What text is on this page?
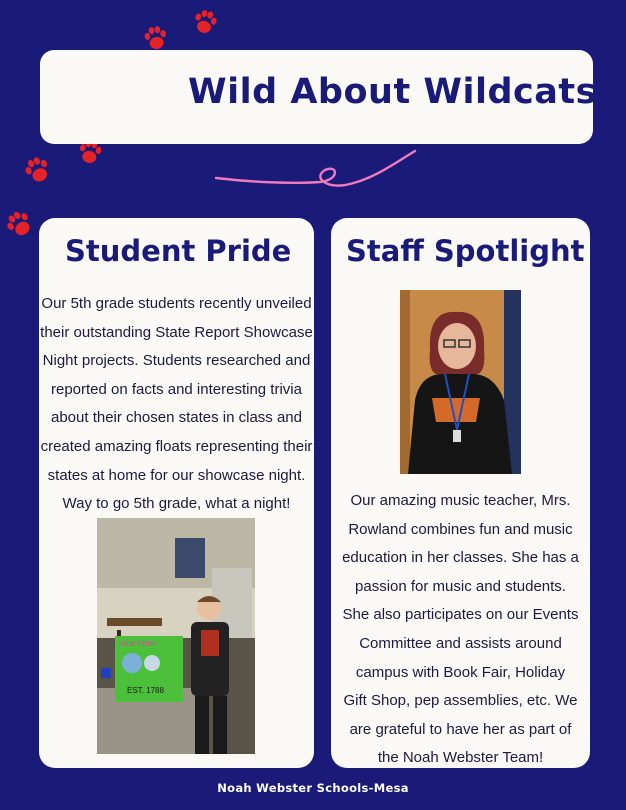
Wild About Wildcats
Student Pride Staff Spotlight
Our 5th grade students recently unveiled
their outstanding State Report Showcase
Night projects. Students researched and
reported on facts and interesting trivia
about their chosen states in class and
created amazing floats representing their
states at home for our showcase night.
Way to go 5th grade, what a night!
NEW YORK
EST. 1788
Our amazing music teacher, Mrs.
Rowland combines fun and music
education in her classes. She has a
passion for music and students.
She also participates on our Events
Committee and assists around
campus with Book Fair, Holiday
Gift Shop, pep assemblies, etc. We
are grateful to have her as part of
the Noah Webster Team!
Noah Webster Schools-Mesa
